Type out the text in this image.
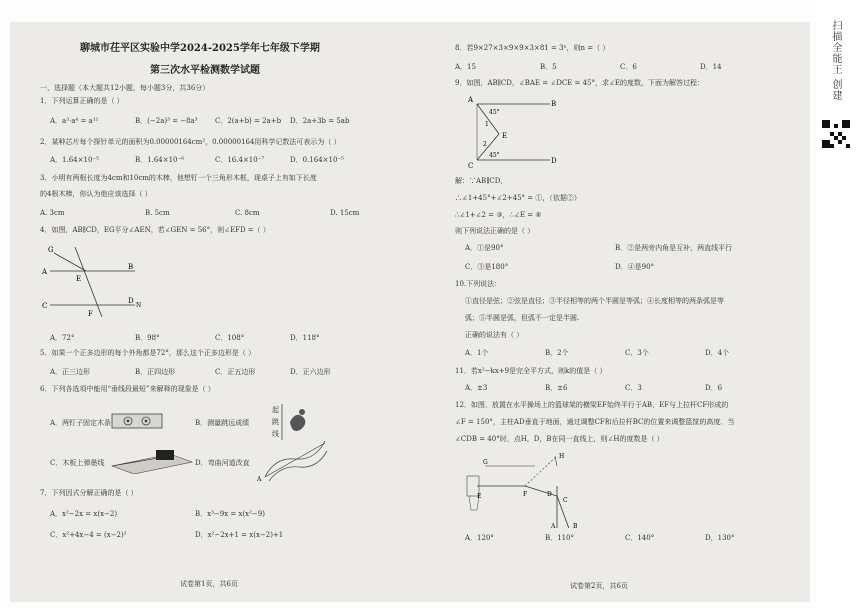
聊城市茌平区实验中学2024-2025学年七年级下学期
第三次水平检测数学试题
一、选择题（本大题共12小题，每小题3分，共36分）
1．下列运算正确的是（ ）
A．a³·a⁴ = a¹²	B．(−2a)³ = −8a³ C．2(a+b) = 2a+b D．2a+3b = 5ab
2．某种芯片每个探针单元的面积为0.00000164cm²，0.00000164用科学记数法可表示为（ ）
A．1.64×10⁻⁵	B．1.64×10⁻⁶	C．16.4×10⁻⁷	D．0.164×10⁻⁵
3．小明有两根长度为4cm和10cm的木棒，他想钉一个三角形木框，现桌子上有如下长度
的4根木棒，你认为他应该选择（ ）
A. 3cm	B. 5cm	C. 8cm	D. 15cm
4．如图，AB∥CD，EG平分∠AEN，若∠GEN = 56°，则∠EFD =（ ）
G
A
E
B
C
F
D
N
A．72°	B．98°	C．108°	D．118°
5．如果一个正多边形的每个外角都是72°，那么这个正多边形是（ ）
A．正三边形	B．正四边形	C．正五边形	D．正六边形
6．下列各选项中能用“垂线段最短”来解释的现象是（ ）
A．两钉子固定木条	B．测量跳远成绩
起
跳
线
C．木板上弹墨线	D．弯曲河道改直
A
7．下列因式分解正确的是（ ）
A．x²−2x = x(x−2)	B．x³−9x = x(x²−9)
C．x²+4x−4 = (x−2)²	D．x²−2x+1 = x(x−2)+1
试卷第1页，共6页
8．若9×27×3×9×9×3×81 = 3ⁿ，则n =（ ）
A．15	B．5	C．6	D．14
9．如图，AB∥CD，∠BAE = ∠DCE = 45°，求∠E的度数，下面为解答过程：
A	B
E
C
D
1
2
45°
45°
解：∵AB∥CD，
∴∠1+45°+∠2+45° = ①，（依据②）
∴∠1+∠2 = ③，∴∠E = ④
则下列说法正确的是（ ）
A．①是90°	B．②是两旁内角是互补，两直线平行
C．③是180°	D．④是90°
10.下列说法：
①直径是弦；②弦是直径；③半径相等的两个半圆是等弧；④长度相等的两条弧是等
弧；⑤半圆是弧，但弧不一定是半圆.
正确的说法有（ ）
A．1个	B．2个	C．3个	D．4个
11．若x²−kx+9是完全平方式，则k的值是（ ）
A．±3	B．±6	C．3	D．6
12．如图，放置在水平操场上的篮球架的横梁EF始终平行于AB，EF与上拉杆CF形成的
∠F = 150°，主柱AD垂直于地面，通过调整CF和后拉杆BC的位置来调整篮筐的高度．当
∠CDB = 40°时，点H，D，B在同一直线上，则∠H的度数是（ ）
G
H
E	F	D
C
A	B
A．120°	B．110°	C．140°	D．130°
试卷第2页，共6页
扫描全能王 创建
